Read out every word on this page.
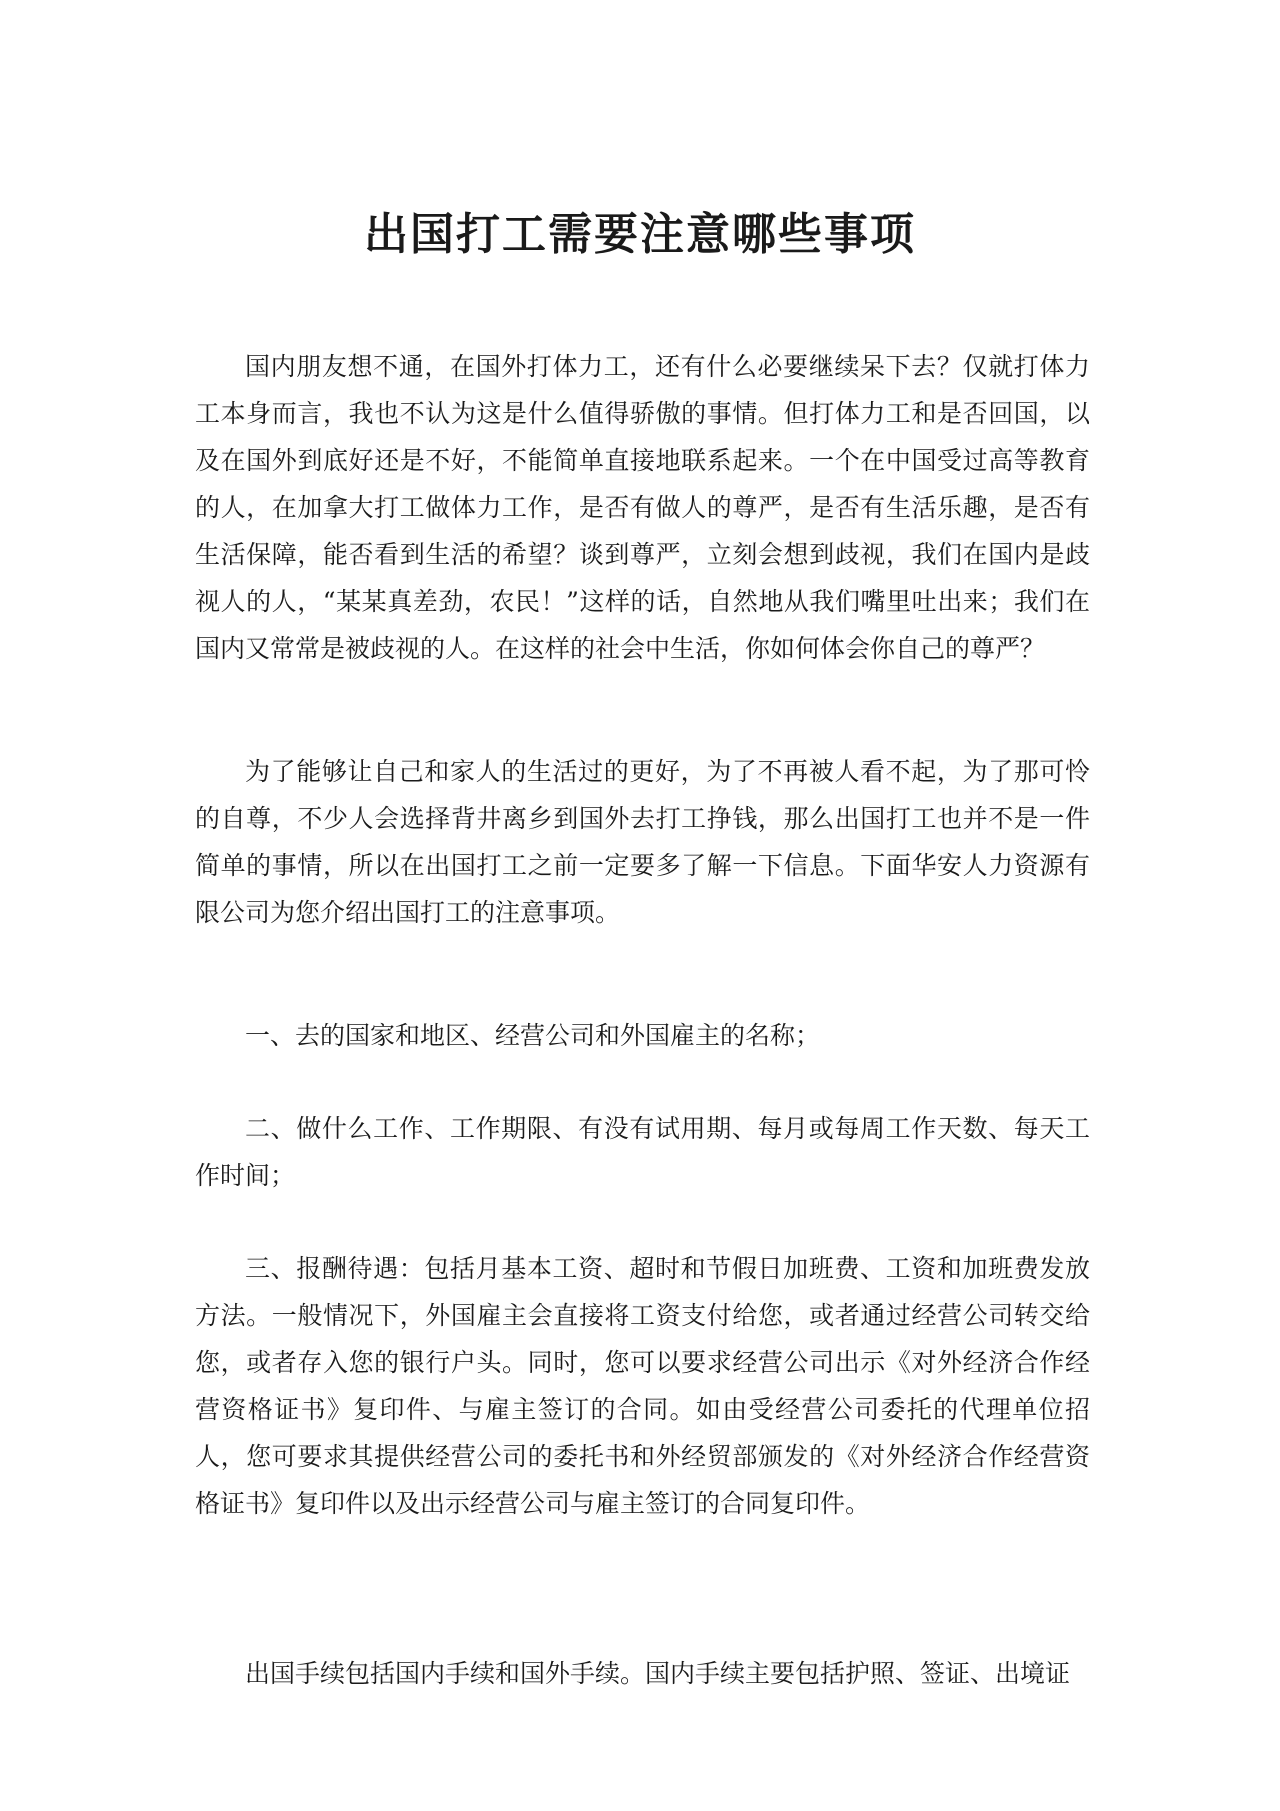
出国打工需要注意哪些事项

国内朋友想不通，在国外打体力工，还有什么必要继续呆下去？仅就打体力工本身而言，我也不认为这是什么值得骄傲的事情。但打体力工和是否回国，以及在国外到底好还是不好，不能简单直接地联系起来。一个在中国受过高等教育的人，在加拿大打工做体力工作，是否有做人的尊严，是否有生活乐趣，是否有生活保障，能否看到生活的希望？谈到尊严，立刻会想到歧视，我们在国内是歧视人的人，“某某真差劲，农民！”这样的话，自然地从我们嘴里吐出来；我们在国内又常常是被歧视的人。在这样的社会中生活，你如何体会你自己的尊严？

为了能够让自己和家人的生活过的更好，为了不再被人看不起，为了那可怜的自尊，不少人会选择背井离乡到国外去打工挣钱，那么出国打工也并不是一件简单的事情，所以在出国打工之前一定要多了解一下信息。下面华安人力资源有限公司为您介绍出国打工的注意事项。

一、去的国家和地区、经营公司和外国雇主的名称；

二、做什么工作、工作期限、有没有试用期、每月或每周工作天数、每天工作时间；

三、报酬待遇：包括月基本工资、超时和节假日加班费、工资和加班费发放方法。一般情况下，外国雇主会直接将工资支付给您，或者通过经营公司转交给您，或者存入您的银行户头。同时，您可以要求经营公司出示《对外经济合作经营资格证书》复印件、与雇主签订的合同。如由受经营公司委托的代理单位招人，您可要求其提供经营公司的委托书和外经贸部颁发的《对外经济合作经营资格证书》复印件以及出示经营公司与雇主签订的合同复印件。

出国手续包括国内手续和国外手续。国内手续主要包括护照、签证、出境证
